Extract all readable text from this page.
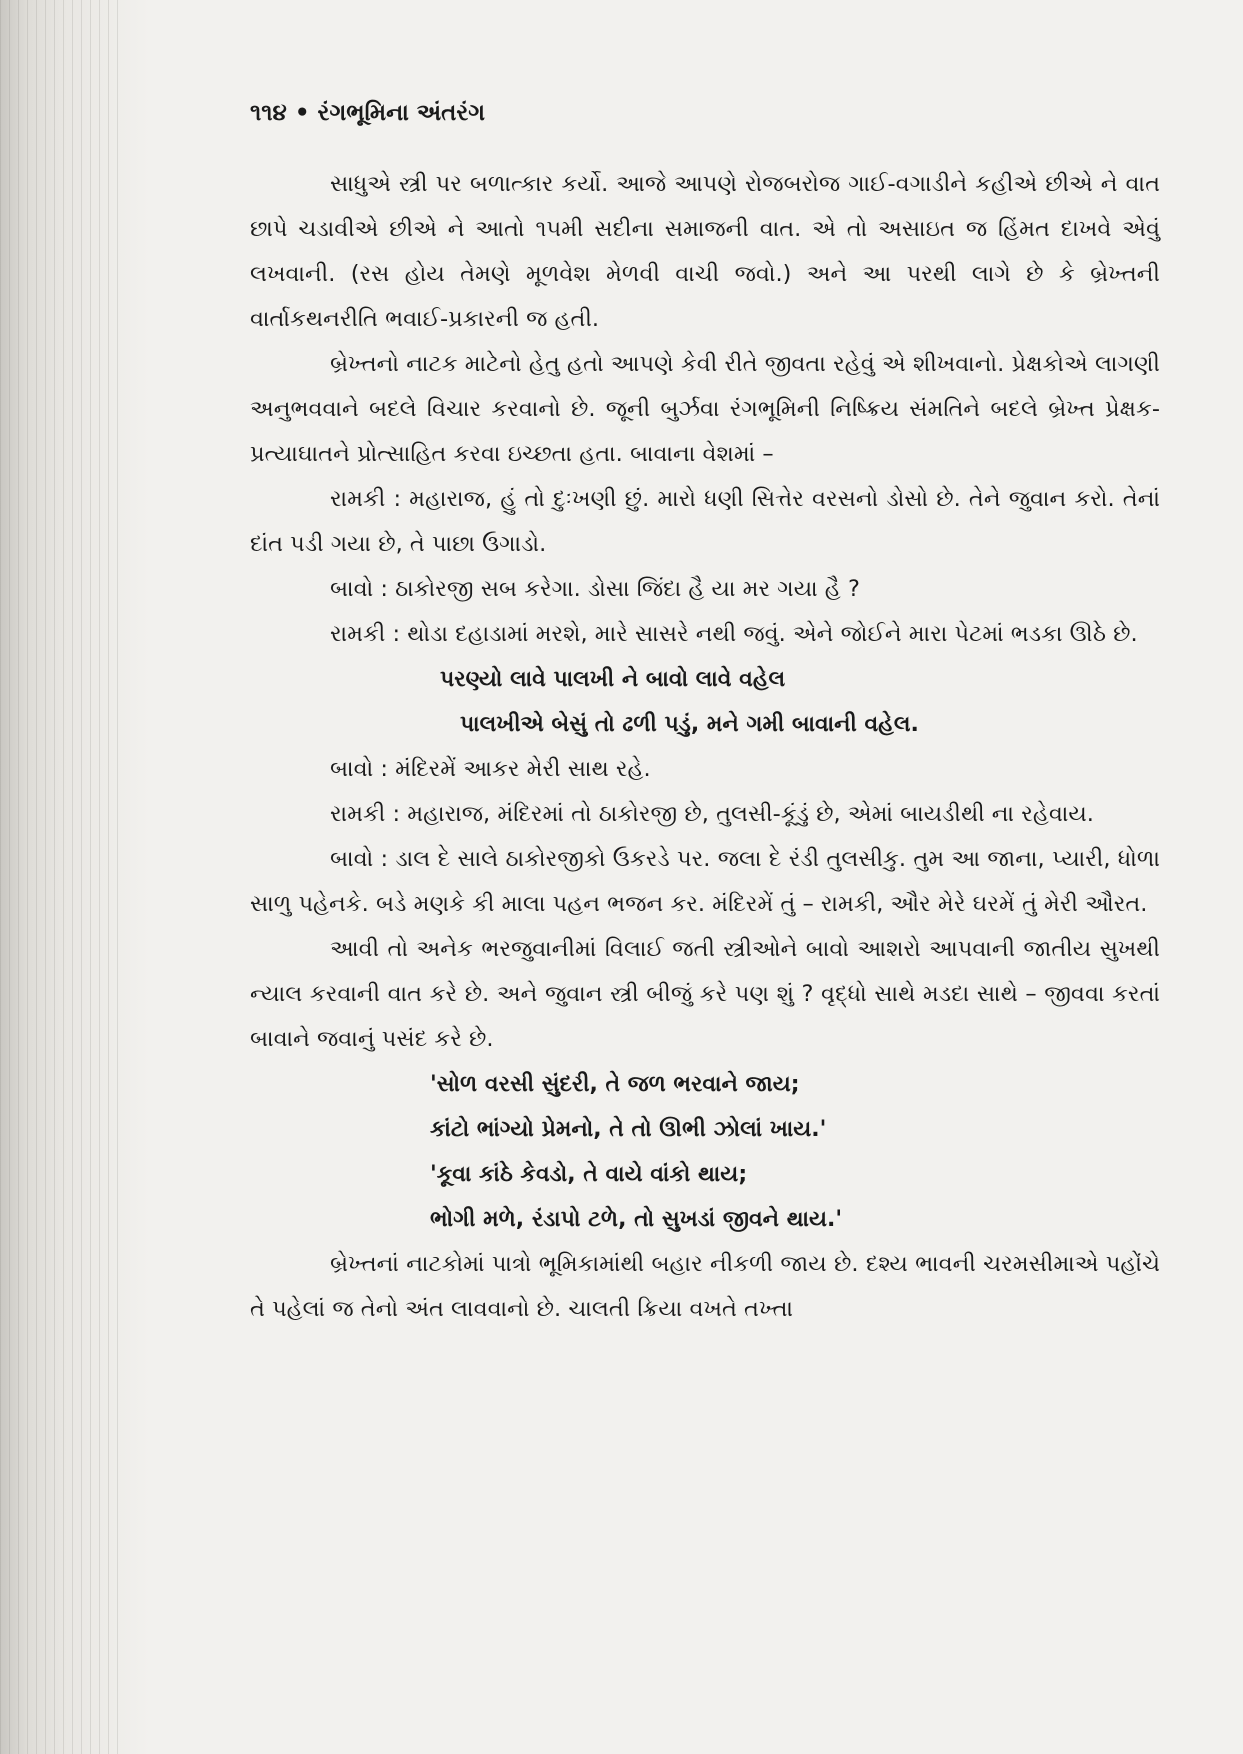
૧૧૪ • રંગભૂમિના અંતરંગ

સાધુએ સ્ત્રી પર બળાત્કાર કર્યો. આજે આપણે રોજબરોજ ગાઈ-વગાડીને કહીએ છીએ ને વાત છાપે ચડાવીએ છીએ ને આતો ૧૫મી સદીના સમાજની વાત. એ તો અસાઇત જ હિંમત દાખવે એવું લખવાની. (રસ હોય તેમણે મૂળવેશ મેળવી વાચી જવો.) અને આ પરથી લાગે છે કે બ્રેખ્તની વાર્તાકથનરીતિ ભવાઈ-પ્રકારની જ હતી.

બ્રેખ્તનો નાટક માટેનો હેતુ હતો આપણે કેવી રીતે જીવતા રહેવું એ શીખવાનો. પ્રેક્ષકોએ લાગણી અનુભવવાને બદલે વિચાર કરવાનો છે. જૂની બુર્ઝવા રંગભૂમિની નિષ્ક્રિય સંમતિને બદલે બ્રેખ્ત પ્રેક્ષક-પ્રત્યાઘાતને પ્રોત્સાહિત કરવા ઇચ્છતા હતા. બાવાના વેશમાં –

રામકી : મહારાજ, હું તો દુઃખણી છું. મારો ધણી સિત્તેર વરસનો ડોસો છે. તેને જુવાન કરો. તેનાં દાંત પડી ગયા છે, તે પાછા ઉગાડો.

બાવો : ઠાકોરજી સબ કરેગા. ડોસા જિંદા હૈ યા મર ગયા હૈ ?

રામકી : થોડા દહાડામાં મરશે, મારે સાસરે નથી જવું. એને જોઈને મારા પેટમાં ભડકા ઊઠે છે.

પરણ્યો લાવે પાલખી ને બાવો લાવે વહેલ

પાલખીએ બેસું તો ઢળી પડું, મને ગમી બાવાની વહેલ.

બાવો : મંદિરમેં આકર મેરી સાથ રહે.

રામકી : મહારાજ, મંદિરમાં તો ઠાકોરજી છે, તુલસી-કૂંડું છે, એમાં બાયડીથી ના રહેવાય.

બાવો : ડાલ દે સાલે ઠાકોરજીકો ઉકરડે પર. જલા દે રંડી તુલસીકુ. તુમ આ જાના, પ્યારી, ધોળા સાળુ પહેનકે. બડે મણકે કી માલા પહન ભજન કર. મંદિરમેં તું – રામકી, ઔર મેરે ઘરમેં તું મેરી ઔરત.

આવી તો અનેક ભરજુવાનીમાં વિલાઈ જતી સ્ત્રીઓને બાવો આશરો આપવાની જાતીય સુખથી ન્યાલ કરવાની વાત કરે છે. અને જુવાન સ્ત્રી બીજું કરે પણ શું ? વૃદ્ધો સાથે મડદા સાથે – જીવવા કરતાં બાવાને જવાનું પસંદ કરે છે.

'સોળ વરસી સુંદરી, તે જળ ભરવાને જાય;

કાંટો ભાંગ્યો પ્રેમનો, તે તો ઊભી ઝોલાં ખાય.'

'કૂવા કાંઠે કેવડો, તે વાયે વાંકો થાય;

ભોગી મળે, રંડાપો ટળે, તો સુખડાં જીવને થાય.'

બ્રેખ્તનાં નાટકોમાં પાત્રો ભૂમિકામાંથી બહાર નીકળી જાય છે. દશ્ય ભાવની ચરમસીમાએ પહોંચે તે પહેલાં જ તેનો અંત લાવવાનો છે. ચાલતી ક્રિયા વખતે તખ્તા
